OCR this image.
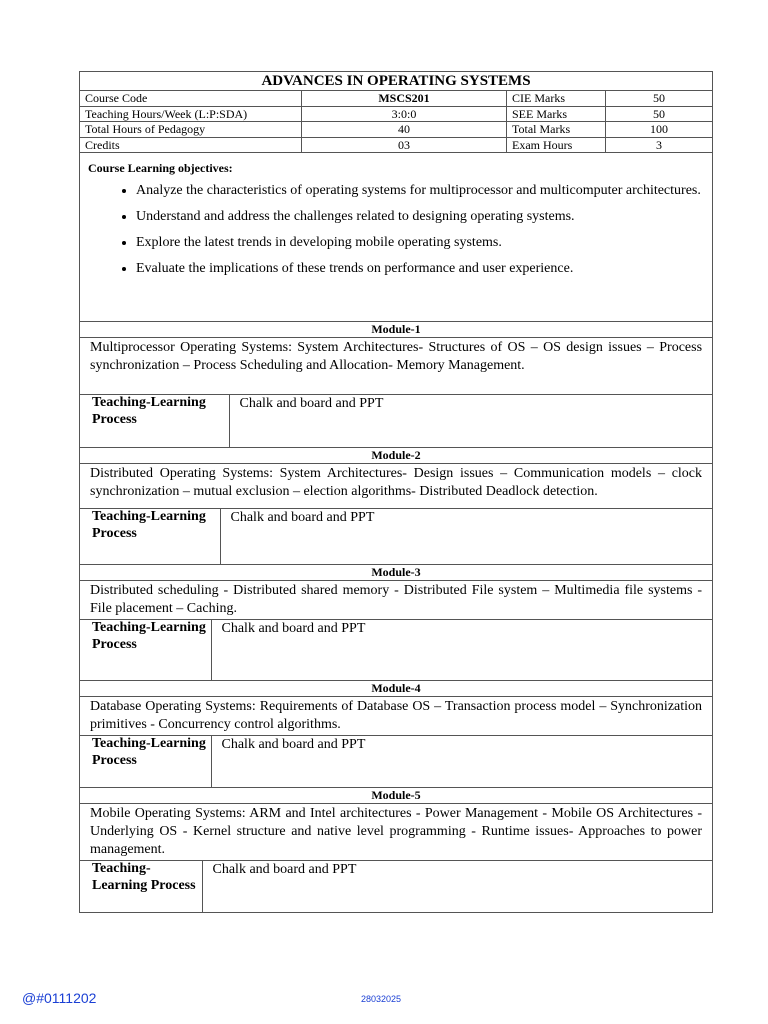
ADVANCES IN OPERATING SYSTEMS
Course Code	MSCS201	CIE Marks	50
Teaching Hours/Week (L:P:SDA)	3:0:0	SEE Marks	50
Total Hours of Pedagogy	40	Total Marks	100
Credits	03	Exam Hours	3

Course Learning objectives:
• Analyze the characteristics of operating systems for multiprocessor and multicomputer architectures.
• Understand and address the challenges related to designing operating systems.
• Explore the latest trends in developing mobile operating systems.
• Evaluate the implications of these trends on performance and user experience.

Module-1
Multiprocessor Operating Systems: System Architectures- Structures of OS – OS design issues – Process synchronization – Process Scheduling and Allocation- Memory Management.

Teaching-Learning Process	Chalk and board and PPT

Module-2
Distributed Operating Systems: System Architectures- Design issues – Communication models – clock synchronization – mutual exclusion – election algorithms- Distributed Deadlock detection.

Teaching-Learning Process	Chalk and board and PPT

Module-3
Distributed scheduling - Distributed shared memory - Distributed File system – Multimedia file systems - File placement – Caching.

Teaching-Learning Process	Chalk and board and PPT

Module-4
Database Operating Systems: Requirements of Database OS – Transaction process model – Synchronization primitives - Concurrency control algorithms.

Teaching-Learning Process	Chalk and board and PPT

Module-5
Mobile Operating Systems: ARM and Intel architectures - Power Management - Mobile OS Architectures - Underlying OS - Kernel structure and native level programming - Runtime issues- Approaches to power management.

Teaching-Learning Process	Chalk and board and PPT
@#0111202	28032025
